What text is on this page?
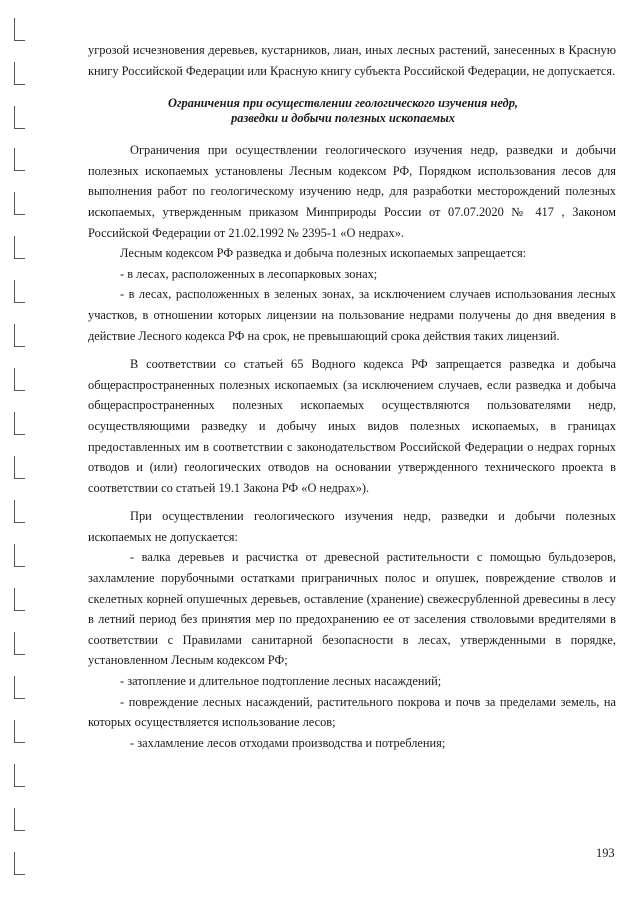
угрозой исчезновения деревьев, кустарников, лиан, иных лесных растений, занесенных в Красную книгу Российской Федерации или Красную книгу субъекта Российской Федерации, не допускается.

Ограничения при осуществлении геологического изучения недр,
разведки и добычи полезных ископаемых

Ограничения при осуществлении геологического изучения недр, разведки и добычи полезных ископаемых установлены Лесным кодексом РФ, Порядком использования лесов для выполнения работ по геологическому изучению недр, для разработки месторождений полезных ископаемых, утвержденным приказом Минприроды России от 07.07.2020 № 417 , Законом Российской Федерации от 21.02.1992 № 2395-1 «О недрах».

Лесным кодексом РФ разведка и добыча полезных ископаемых запрещается:

- в лесах, расположенных в лесопарковых зонах;

- в лесах, расположенных в зеленых зонах, за исключением случаев использования лесных участков, в отношении которых лицензии на пользование недрами получены до дня введения в действие Лесного кодекса РФ на срок, не превышающий срока действия таких лицензий.

В соответствии со статьей 65 Водного кодекса РФ запрещается разведка и добыча общераспространенных полезных ископаемых (за исключением случаев, если разведка и добыча общераспространенных полезных ископаемых осуществляются пользователями недр, осуществляющими разведку и добычу иных видов полезных ископаемых, в границах предоставленных им в соответствии с законодательством Российской Федерации о недрах горных отводов и (или) геологических отводов на основании утвержденного технического проекта в соответствии со статьей 19.1 Закона РФ «О недрах»).

При осуществлении геологического изучения недр, разведки и добычи полезных ископаемых не допускается:

- валка деревьев и расчистка от древесной растительности с помощью бульдозеров, захламление порубочными остатками приграничных полос и опушек, повреждение стволов и скелетных корней опушечных деревьев, оставление (хранение) свежесрубленной древесины в лесу в летний период без принятия мер по предохранению ее от заселения стволовыми вредителями в соответствии с Правилами санитарной безопасности в лесах, утвержденными в порядке, установленном Лесным кодексом РФ;

- затопление и длительное подтопление лесных насаждений;

- повреждение лесных насаждений, растительного покрова и почв за пределами земель, на которых осуществляется использование лесов;

- захламление лесов отходами производства и потребления;

193
